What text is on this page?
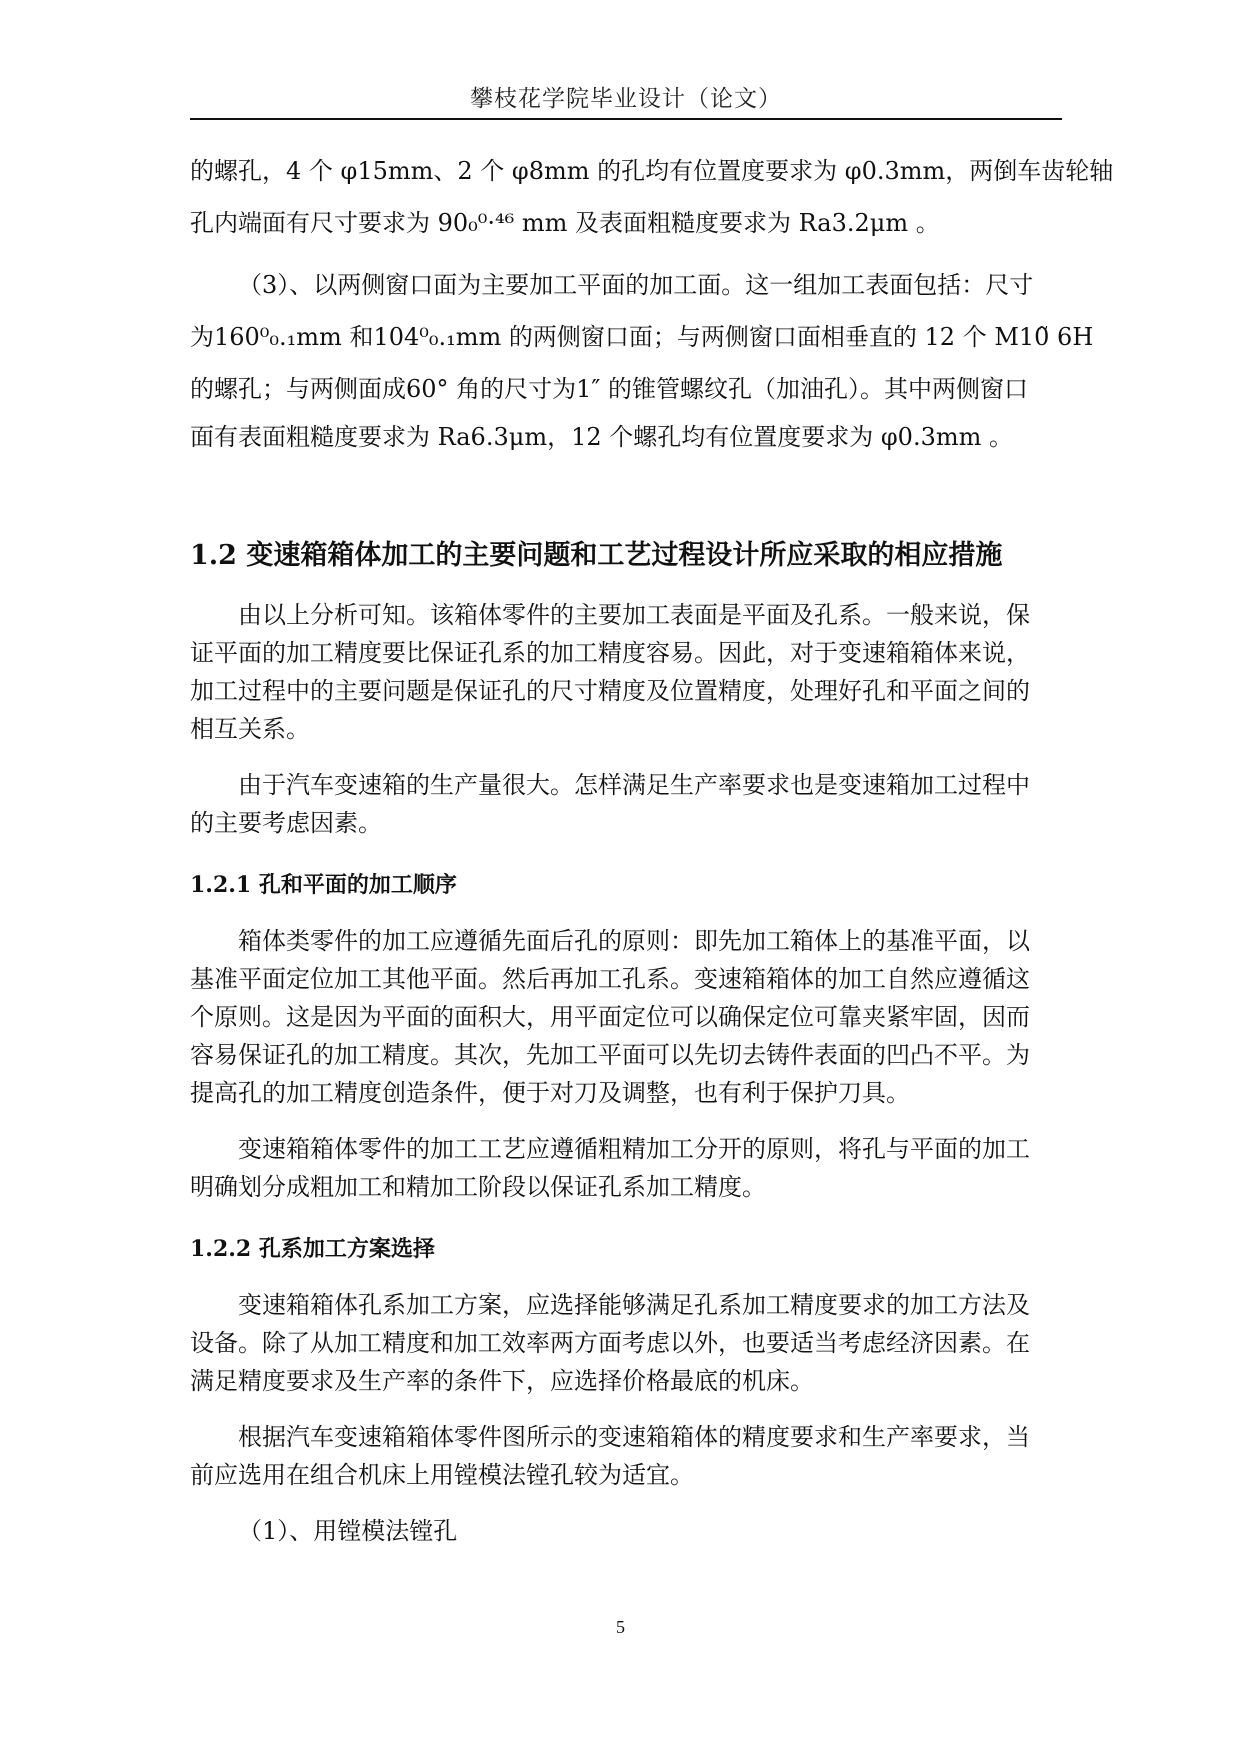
攀枝花学院毕业设计（论文）

的螺孔，4 个 φ15mm、2 个 φ8mm 的孔均有位置度要求为 φ0.3mm，两倒车齿轮轴

孔内端面有尺寸要求为 90₀⁰·⁴⁶ mm 及表面粗糙度要求为 Ra3.2μm 。

（3）、以两侧窗口面为主要加工平面的加工面。这一组加工表面包括：尺寸

为160⁰₀.₁mm 和104⁰₀.₁mm 的两侧窗口面；与两侧窗口面相垂直的 12 个 M10̃ 6H

的螺孔；与两侧面成60° 角的尺寸为1″ 的锥管螺纹孔（加油孔）。其中两侧窗口

面有表面粗糙度要求为 Ra6.3μm，12 个螺孔均有位置度要求为 φ0.3mm 。

1.2 变速箱箱体加工的主要问题和工艺过程设计所应采取的相应措施

由以上分析可知。该箱体零件的主要加工表面是平面及孔系。一般来说，保

证平面的加工精度要比保证孔系的加工精度容易。因此，对于变速箱箱体来说，

加工过程中的主要问题是保证孔的尺寸精度及位置精度，处理好孔和平面之间的

相互关系。

由于汽车变速箱的生产量很大。怎样满足生产率要求也是变速箱加工过程中

的主要考虑因素。

1.2.1 孔和平面的加工顺序

箱体类零件的加工应遵循先面后孔的原则：即先加工箱体上的基准平面，以

基准平面定位加工其他平面。然后再加工孔系。变速箱箱体的加工自然应遵循这

个原则。这是因为平面的面积大，用平面定位可以确保定位可靠夹紧牢固，因而

容易保证孔的加工精度。其次，先加工平面可以先切去铸件表面的凹凸不平。为

提高孔的加工精度创造条件，便于对刀及调整，也有利于保护刀具。

变速箱箱体零件的加工工艺应遵循粗精加工分开的原则，将孔与平面的加工

明确划分成粗加工和精加工阶段以保证孔系加工精度。

1.2.2 孔系加工方案选择

变速箱箱体孔系加工方案，应选择能够满足孔系加工精度要求的加工方法及

设备。除了从加工精度和加工效率两方面考虑以外，也要适当考虑经济因素。在

满足精度要求及生产率的条件下，应选择价格最底的机床。

根据汽车变速箱箱体零件图所示的变速箱箱体的精度要求和生产率要求，当

前应选用在组合机床上用镗模法镗孔较为适宜。

（1）、用镗模法镗孔

5
